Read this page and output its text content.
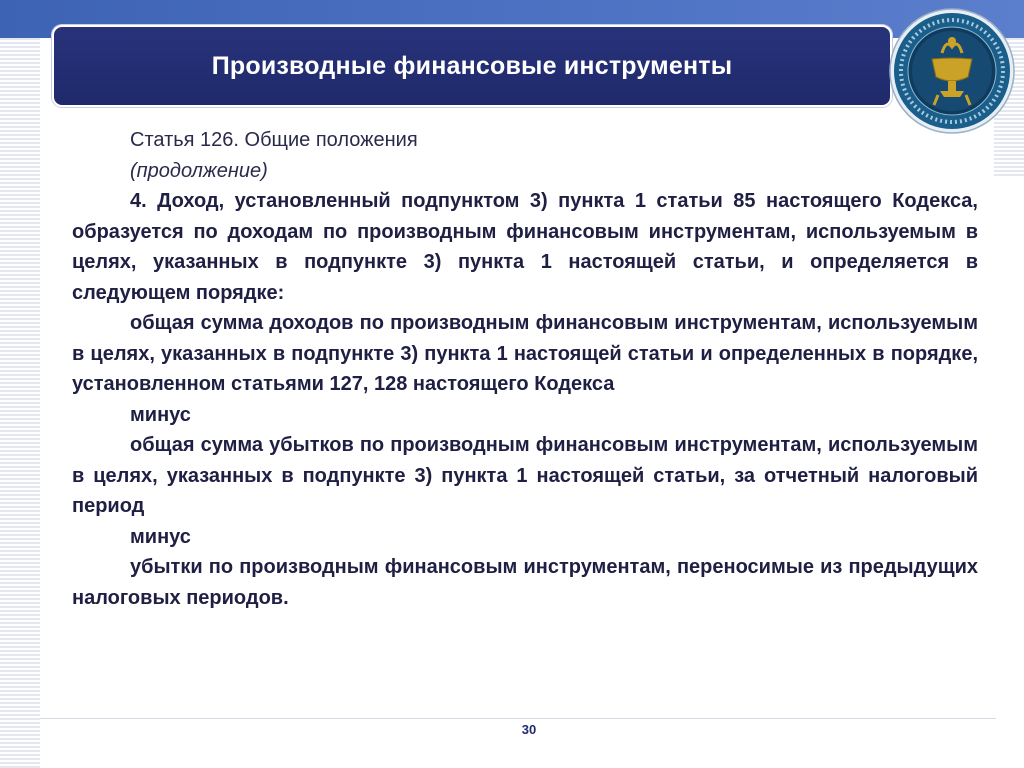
Производные финансовые инструменты

Статья 126. Общие положения

(продолжение)

4. Доход, установленный подпунктом 3) пункта 1 статьи 85 настоящего Кодекса, образуется по доходам по производным финансовым инструментам, используемым в целях, указанных в подпункте 3) пункта 1 настоящей статьи, и определяется в следующем порядке:

общая сумма доходов по производным финансовым инструментам, используемым в целях, указанных в подпункте 3) пункта 1 настоящей статьи и определенных в порядке, установленном статьями 127, 128 настоящего Кодекса

минус

общая сумма убытков по производным финансовым инструментам, используемым в целях, указанных в подпункте 3) пункта 1 настоящей статьи, за отчетный налоговый период

минус

убытки по производным финансовым инструментам, переносимые из предыдущих налоговых периодов.

30
